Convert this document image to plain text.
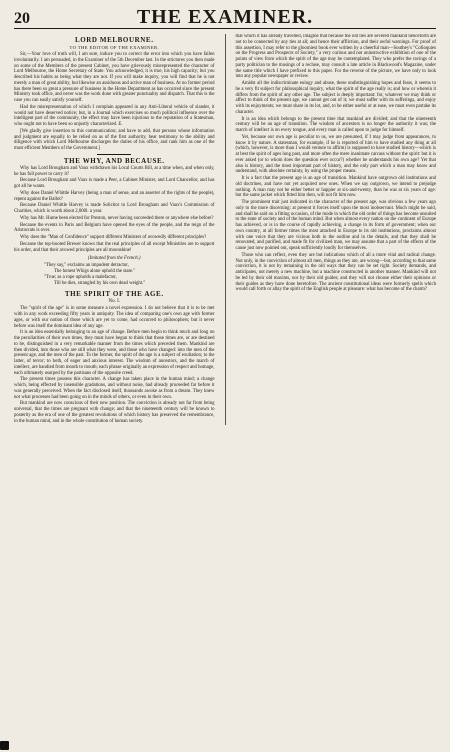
20	THE EXAMINER.
LORD MELBOURNE.
TO THE EDITOR OF THE EXAMINER.

Sir,—Your love of truth will, I am sure, induce you to correct the error into which you have fallen involuntarily. I am persuaded, in the Examiner of the 5th December last. In the strictures you then made on some of the Members of the present Cabinet, you have grievously misrepresented the character of Lord Melbourne, the Home Secretary of State. You acknowledged, it is true, his high capacity; but you described his habits as being what they are not. If you will make inquiry, you will find that he is not merely a man of great ability, but likewise an assiduous and active man of business. At no former period has there been so great a pressure of business in the Home Department as has occurred since the present Ministry took office, and never was the work done with greater punctuality and dispatch. That this is the case you can easily satisfy yourself.

Had the misrepresentation of which I complain appeared in any Anti-Liberal vehicle of slander, it would not have deserved notice; but, in a Journal which exercises so much political influence over the intelligent part of the community, the effect may have been injurious to the reputation of a Statesman, who ought not to have been so unjustly characterized. E.

[We gladly give insertion to this communication; and have to add, that persons whose information and judgment are equally to be relied on as of the first authority, bear testimony to the ability and diligence with which Lord Melbourne discharges the duties of his office, and rank him as one of the most efficient Members of the Government.]

THE WHY, AND BECAUSE.

Why has Lord Brougham and Vaux withdrawn his Local Courts Bill, at a time when, and when only, he has full power to carry it?

Because Lord Brougham and Vaux is made a Peer, a Cabinet Minister, and Lord Chancellor, and has got all he wants.

Why does Daniel Whittle Harvey (being a man of sense, and an asserter of the rights of the people), repent against the Ballot?

Because Daniel Whittle Harvey is made Solicitor to Lord Brougham and Vaux's Commission of Charities, which is worth about 2,000l. a year.

Why has Mr. Hume been elected for Preston, never having succeeded there or anywhere else before?

Because the events in Paris and Belgium have opened the eyes of the people, and the reign of the Aristocrats is over.

Why does the "Man of Confidence" support different Ministers of avowedly different principles?

Because the top-booted Brewer knows that the real principles of all except Ministries are to support his order, and that their avowed principles are all moonshine!

(Imitated from the French.)
"They say," exclaims an impudent detractor,
The honest Whigs alone uphold the state."
"True; as a rope upholds a malefactor,
Till he dies, strangled by his own dead weight."
THE SPIRIT OF THE AGE.
No. I.

The "spirit of the age" is in some measure a novel expression. I do not believe that it is to be met with in any work exceeding fifty years in antiquity. The idea of comparing one's own age with former ages, or with our notion of those which are yet to come, had occurred to philosophers; but it never before was itself the dominant idea of any age.

It is an idea essentially belonging to an age of change. Before men begin to think much and long on the peculiarities of their own times, they must have begun to think that those times are, or are destined to be, distinguished in a very remarkable manner from the times which preceded them. Mankind are then divided, into those who are still what they were, and those who have changed: into the men of the present age, and the men of the past. To the former, the spirit of the age is a subject of exultation; to the latter, of terror; to both, of eager and anxious interest. The wisdom of ancestors, and the march of intellect, are bandied from mouth to mouth; each phrase originally an expression of respect and homage, each ultimately usurped by the partisans of the opposite creed.

The present times possess this character. A change has taken place in the human mind; a change which, being effected by insensible gradations, and without noise, had already proceeded far before it was generally perceived. When the fact disclosed itself, thousands awoke as from a dream. They knew not what processes had been going on in the minds of others, or even in their own.

But mankind are now conscious of their new position. The conviction is already not far from being universal, that the times are pregnant with change; and that the nineteenth century will be known to posterity as the era of one of the greatest revolutions of which history has preserved the remembrance, in the human mind, and in the whole constitution of human society.

that which it has already travelled, imagine that because the old ties are severed mankind henceforth are not to be connected by any ties at all; and hence their affliction, and their awful warnings. For proof of this assertion, I may refer to the gloomiest book ever written by a cheerful man—Southey's "Colloquies on the Progress and Prospects of Society," a very curious and not uninstructive exhibition of one of the points of view from which the spirit of the age may be contemplated. They who prefer the ravings of a party politician to the musings of a recluse, may consult a late article in Blackwood's Magazine, under the same title which I have prefixed to this paper. For the reverse of the picture, we have only to look into any popular newspaper or review.

Amidst all the indiscriminate eulogy and abuse, these undistinguishing hopes and fears, it seems to be a very fit subject for philosophical inquiry, what the spirit of the age really is; and how or wherein it differs from the spirit of any other age. The subject is deeply important: for, whatever we may think or affect to think of the present age, we cannot get out of it; we must suffer with its sufferings, and enjoy with its enjoyments; we must share in its lot, and, to be either useful or at ease, we must even partake its character.

It is an idea which belongs to the present time that mankind are divided; and that the nineteenth century will be an age of transition. The wisdom of ancestors is no longer the authority it was; the march of intellect is on every tongue, and every man is called upon to judge for himself.

Yet, because our own age is peculiar to us, we are presumed, if I may judge from appearances, to know it by nature. A statesman, for example, if he is reported of him to have studied any thing at all (which, however, is more than I would venture to affirm) is supposed to have studied history—which is at best the spirit of ages long past, and more often the mere inanimate carcass without the spirit: but it is ever asked (or to whom does the question ever occur?) whether he understands his own age? Yet that also is history, and the most important part of history, and the only part which a man may know and understand, with absolute certainty, by using the proper means.

It is a fact that the present age is an age of transition. Mankind have outgrown old institutions and old doctrines, and have not yet acquired new ones. When we say outgrown, we intend to prejudge nothing. A man may not be either better or happier at six-and-twenty, than he was at six years of age: but the same jacket which fitted him then, will not fit him now.

The prominent trait just indicated in the character of the present age, was obvious a few years ago only to the more discerning: at present it forces itself upon the most inobservant. Much might be said, and shall be said on a fitting occasion, of the mode in which the old order of things has become unsuited to the state of society and of the human mind. But when almost every nation on the continent of Europe has achieved, or is in the course of rapidly achieving, a change in its form of government; when our own country, at all former times the most attached in Europe to its old institutions, proclaims almost with one voice that they are vicious both in the outline and in the details, and that they shall be renovated, and purified, and made fit for civilized man, we may assume that a part of the effects of the cause just now pointed out, speak sufficiently loudly for themselves.

Those who can reflect, even they are but indications which of all a more vital and radical change. Not only, in the conviction of almost all men, things as they are, are wrong—but, according to that same conviction, it is not by remaining in the old ways that they can be set right. Society demands, and anticipates, not merely a new machine, but a machine constructed in another manner. Mankind will not be led by their old maxims, nor by their old guides; and they will not choose either their opinions or their guides as they have done heretofore. The ancient constitutional ideas were formerly spells which would call forth or allay the spirit of the English people at pleasure: what has become of the charm?
